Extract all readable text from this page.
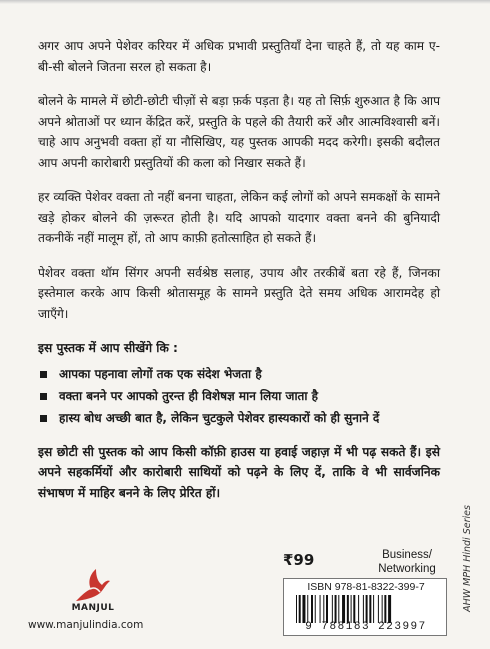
अगर आप अपने पेशेवर करियर में अधिक प्रभावी प्रस्तुतियाँ देना चाहते हैं, तो यह काम ए-बी-सी बोलने जितना सरल हो सकता है।

बोलने के मामले में छोटी-छोटी चीज़ों से बड़ा फ़र्क पड़ता है। यह तो सिर्फ़ शुरुआत है कि आप अपने श्रोताओं पर ध्यान केंद्रित करें, प्रस्तुति के पहले की तैयारी करें और आत्मविश्वासी बनें। चाहे आप अनुभवी वक्ता हों या नौसिखिए, यह पुस्तक आपकी मदद करेगी। इसकी बदौलत आप अपनी कारोबारी प्रस्तुतियों की कला को निखार सकते हैं।

हर व्यक्ति पेशेवर वक्ता तो नहीं बनना चाहता, लेकिन कई लोगों को अपने समकक्षों के सामने खड़े होकर बोलने की ज़रूरत होती है। यदि आपको यादगार वक्ता बनने की बुनियादी तकनीकें नहीं मालूम हों, तो आप काफ़ी हतोत्साहित हो सकते हैं।

पेशेवर वक्ता थॉम सिंगर अपनी सर्वश्रेष्ठ सलाह, उपाय और तरकीबें बता रहे हैं, जिनका इस्तेमाल करके आप किसी श्रोतासमूह के सामने प्रस्तुति देते समय अधिक आरामदेह हो जाएँगे।

इस पुस्तक में आप सीखेंगे कि :
आपका पहनावा लोगों तक एक संदेश भेजता है
वक्ता बनने पर आपको तुरन्त ही विशेषज्ञ मान लिया जाता है
हास्य बोध अच्छी बात है, लेकिन चुटकुले पेशेवर हास्यकारों को ही सुनाने दें

इस छोटी सी पुस्तक को आप किसी कॉफ़ी हाउस या हवाई जहाज़ में भी पढ़ सकते हैं। इसे अपने सहकर्मियों और कारोबारी साथियों को पढ़ने के लिए दें, ताकि वे भी सार्वजनिक संभाषण में माहिर बनने के लिए प्रेरित हों।

AHW MPH Hindi Series
MANJUL
www.manjulindia.com
₹99	Business/
Networking
ISBN 978-81-8322-399-7
9 788183 223997
